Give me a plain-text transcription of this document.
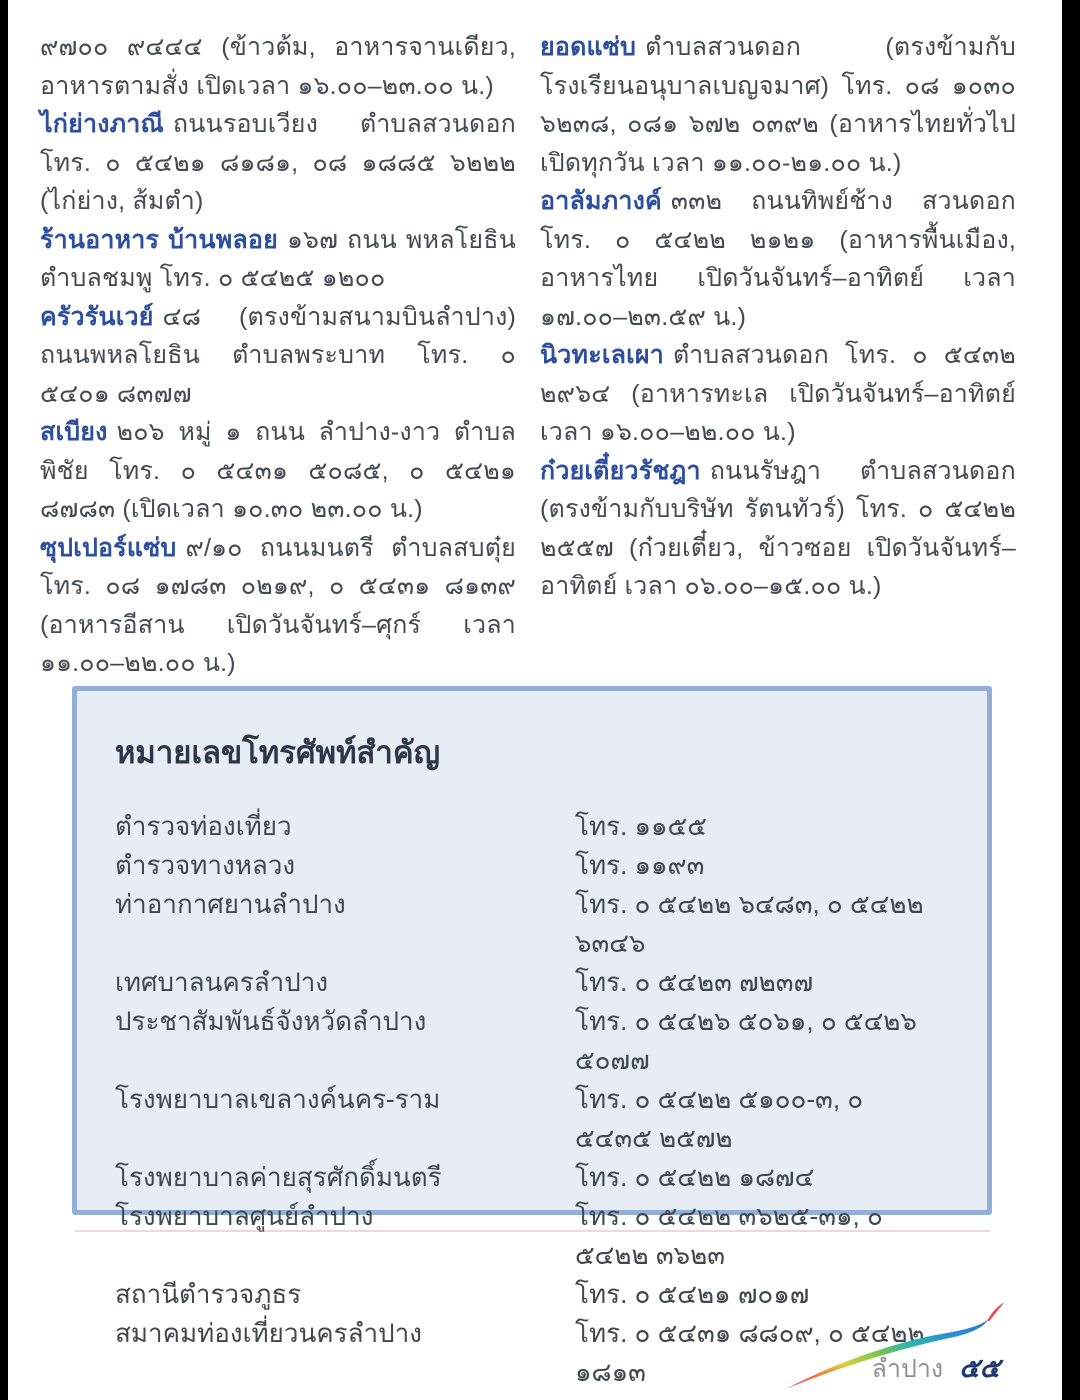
๙๗๐๐ ๙๔๔๔ (ข้าวต้ม, อาหารจานเดียว, อาหารตามสั่ง เปิดเวลา ๑๖.๐๐–๒๓.๐๐ น.)

ไก่ย่างภาณี ถนนรอบเวียง ตำบลสวนดอก โทร. ๐ ๕๔๒๑ ๘๑๘๑, ๐๘ ๑๘๘๕ ๖๒๒๒ (ไก่ย่าง, ส้มตำ)

ร้านอาหาร บ้านพลอย ๑๖๗ ถนน พหลโยธิน ตำบลชมพู โทร. ๐ ๕๔๒๕ ๑๒๐๐

ครัวรันเวย์ ๔๘ (ตรงข้ามสนามบินลำปาง) ถนนพหลโยธิน ตำบลพระบาท โทร. ๐ ๕๔๐๑ ๘๓๗๗

สเบียง ๒๐๖ หมู่ ๑ ถนน ลำปาง-งาว ตำบล พิชัย โทร. ๐ ๕๔๓๑ ๕๐๘๕, ๐ ๕๔๒๑ ๘๗๘๓ (เปิดเวลา ๑๐.๓๐ ๒๓.๐๐ น.)

ซุปเปอร์แซ่บ ๙/๑๐ ถนนมนตรี ตำบลสบตุ๋ย โทร. ๐๘ ๑๗๘๓ ๐๒๑๙, ๐ ๕๔๓๑ ๘๑๓๙ (อาหารอีสาน เปิดวันจันทร์–ศุกร์ เวลา ๑๑.๐๐–๒๒.๐๐ น.)

ยอดแซ่บ ตำบลสวนดอก (ตรงข้ามกับโรงเรียนอนุบาลเบญจมาศ) โทร. ๐๘ ๑๐๓๐ ๖๒๓๘, ๐๘๑ ๖๗๒ ๐๓๙๒ (อาหารไทยทั่วไป เปิดทุกวัน เวลา ๑๑.๐๐-๒๑.๐๐ น.)

อาลัมภางค์ ๓๓๒ ถนนทิพย์ช้าง สวนดอก โทร. ๐ ๕๔๒๒ ๒๑๒๑ (อาหารพื้นเมือง, อาหารไทย เปิดวันจันทร์–อาทิตย์ เวลา ๑๗.๐๐–๒๓.๕๙ น.)

นิวทะเลเผา ตำบลสวนดอก โทร. ๐ ๕๔๓๒ ๒๙๖๔ (อาหารทะเล เปิดวันจันทร์–อาทิตย์ เวลา ๑๖.๐๐–๒๒.๐๐ น.)

ก๋วยเตี๋ยวรัชฎา ถนนรัษฎา ตำบลสวนดอก (ตรงข้ามกับบริษัท รัตนทัวร์) โทร. ๐ ๕๔๒๒ ๒๕๕๗ (ก๋วยเตี๋ยว, ข้าวซอย เปิดวันจันทร์–อาทิตย์ เวลา ๐๖.๐๐–๑๕.๐๐ น.)

หมายเลขโทรศัพท์สำคัญ
ตำรวจท่องเที่ยว	โทร. ๑๑๕๕
ตำรวจทางหลวง	โทร. ๑๑๙๓
ท่าอากาศยานลำปาง	โทร. ๐ ๕๔๒๒ ๖๔๘๓, ๐ ๕๔๒๒ ๖๓๔๖
เทศบาลนครลำปาง	โทร. ๐ ๕๔๒๓ ๗๒๓๗
ประชาสัมพันธ์จังหวัดลำปาง	โทร. ๐ ๕๔๒๖ ๕๐๖๑, ๐ ๕๔๒๖ ๕๐๗๗
โรงพยาบาลเขลางค์นคร-ราม	โทร. ๐ ๕๔๒๒ ๕๑๐๐-๓, ๐ ๕๔๓๕ ๒๕๗๒
โรงพยาบาลค่ายสุรศักดิ์มนตรี	โทร. ๐ ๕๔๒๒ ๑๘๗๔
โรงพยาบาลศูนย์ลำปาง	โทร. ๐ ๕๔๒๒ ๓๖๒๕-๓๑, ๐ ๕๔๒๒ ๓๖๒๓
สถานีตำรวจภูธร	โทร. ๐ ๕๔๒๑ ๗๐๑๗
สมาคมท่องเที่ยวนครลำปาง	โทร. ๐ ๕๔๓๑ ๘๘๐๙, ๐ ๕๔๒๒ ๑๘๑๓	ลำปาง ๕๕
